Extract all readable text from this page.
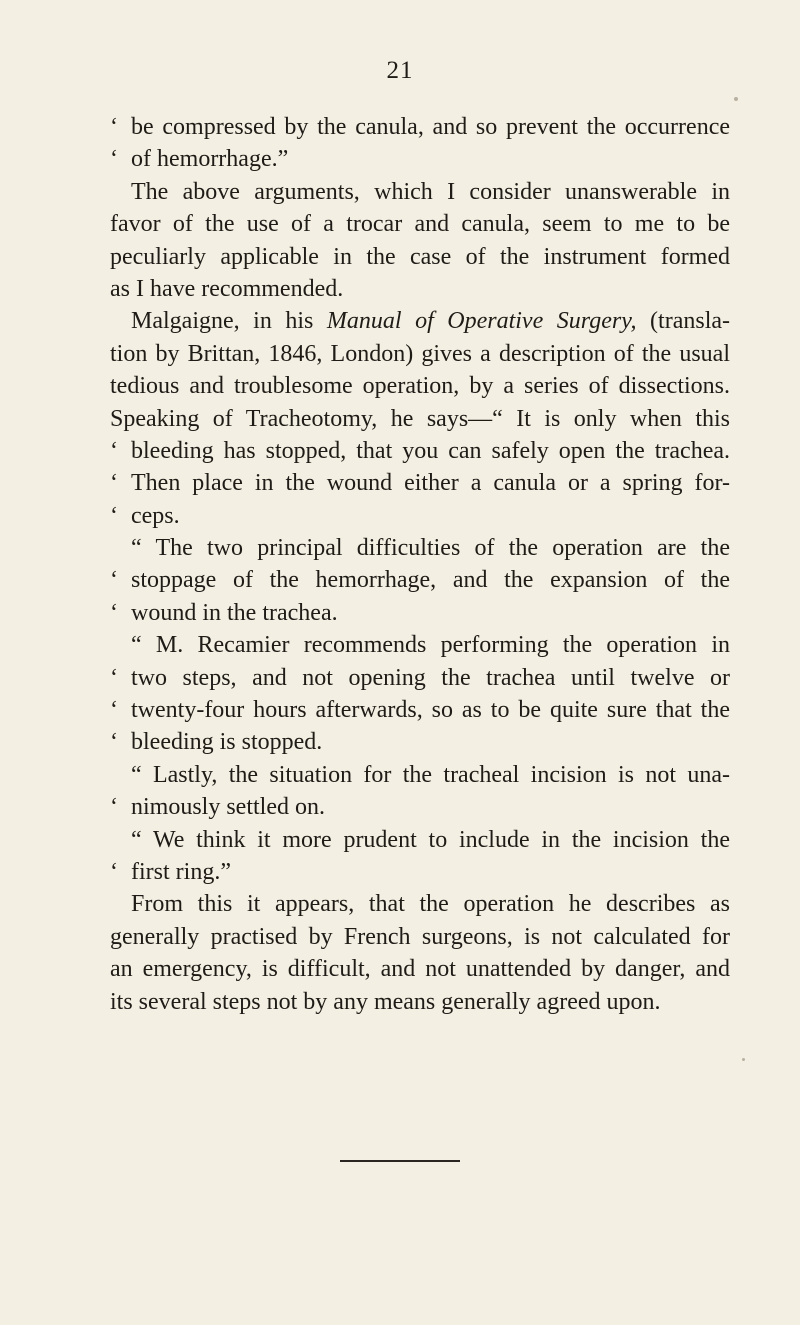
21
‘ be compressed by the canula, and so prevent the occurrence
‘ of hemorrhage.”
The above arguments, which I consider unanswerable in
favor of the use of a trocar and canula, seem to me to be
peculiarly applicable in the case of the instrument formed
as I have recommended.
Malgaigne, in his Manual of Operative Surgery, (transla-
tion by Brittan, 1846, London) gives a description of the usual
tedious and troublesome operation, by a series of dissections.
Speaking of Tracheotomy, he says—“ It is only when this
‘ bleeding has stopped, that you can safely open the trachea.
‘ Then place in the wound either a canula or a spring for-
‘ ceps.
“ The two principal difficulties of the operation are the
‘ stoppage of the hemorrhage, and the expansion of the
‘ wound in the trachea.
“ M. Recamier recommends performing the operation in
‘ two steps, and not opening the trachea until twelve or
‘ twenty-four hours afterwards, so as to be quite sure that the
‘ bleeding is stopped.
“ Lastly, the situation for the tracheal incision is not una-
‘ nimously settled on.
“ We think it more prudent to include in the incision the
‘ first ring.”
From this it appears, that the operation he describes as
generally practised by French surgeons, is not calculated for
an emergency, is difficult, and not unattended by danger, and
its several steps not by any means generally agreed upon.
